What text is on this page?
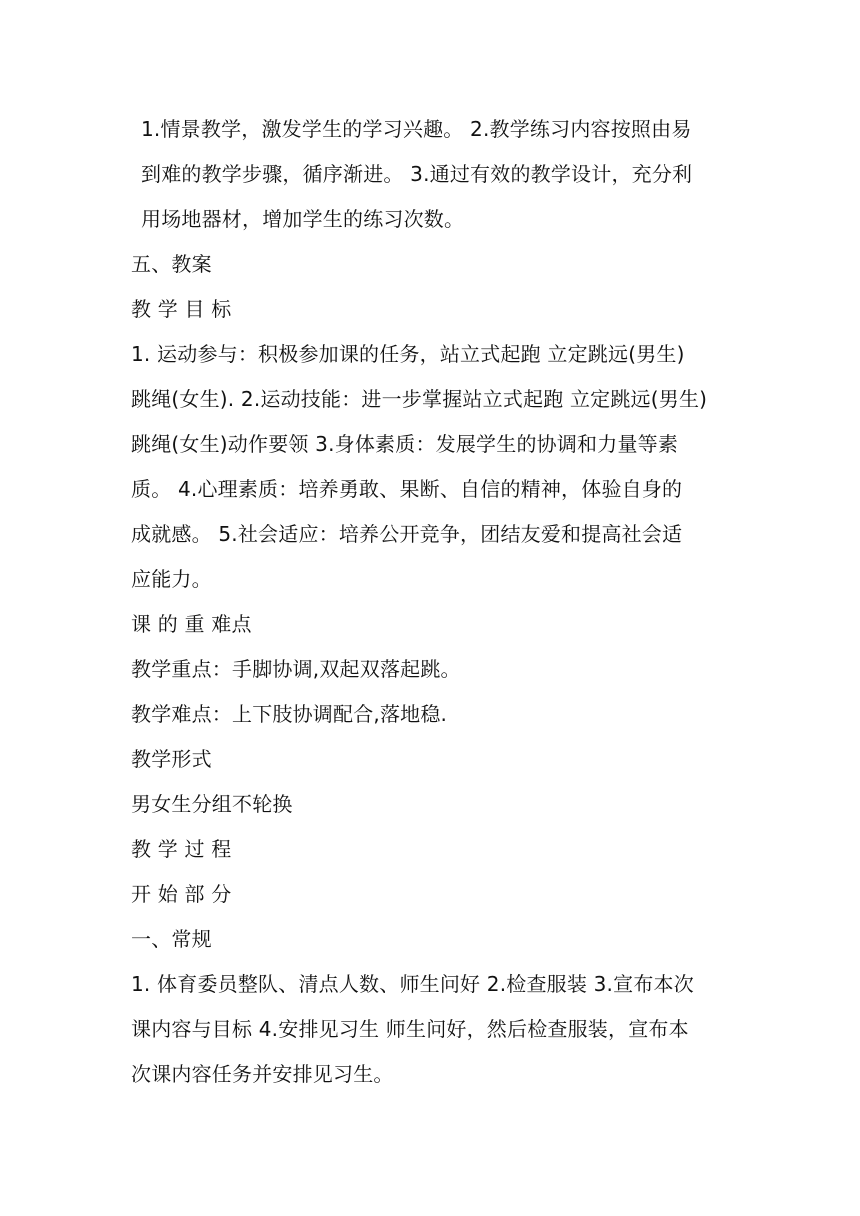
1.情景教学，激发学生的学习兴趣。 2.教学练习内容按照由易
到难的教学步骤，循序渐进。 3.通过有效的教学设计，充分利
用场地器材，增加学生的练习次数。
五、教案
教 学 目 标
1. 运动参与：积极参加课的任务，站立式起跑 立定跳远(男生)
跳绳(女生). 2.运动技能：进一步掌握站立式起跑 立定跳远(男生)
跳绳(女生)动作要领 3.身体素质：发展学生的协调和力量等素
质。 4.心理素质：培养勇敢、果断、自信的精神，体验自身的
成就感。 5.社会适应：培养公开竞争，团结友爱和提高社会适
应能力。
课 的 重 难点
教学重点：手脚协调,双起双落起跳。
教学难点：上下肢协调配合,落地稳.
教学形式
男女生分组不轮换
教 学 过 程
开 始 部 分
一、常规
1. 体育委员整队、清点人数、师生问好 2.检查服装 3.宣布本次
课内容与目标 4.安排见习生 师生问好，然后检查服装，宣布本
次课内容任务并安排见习生。
